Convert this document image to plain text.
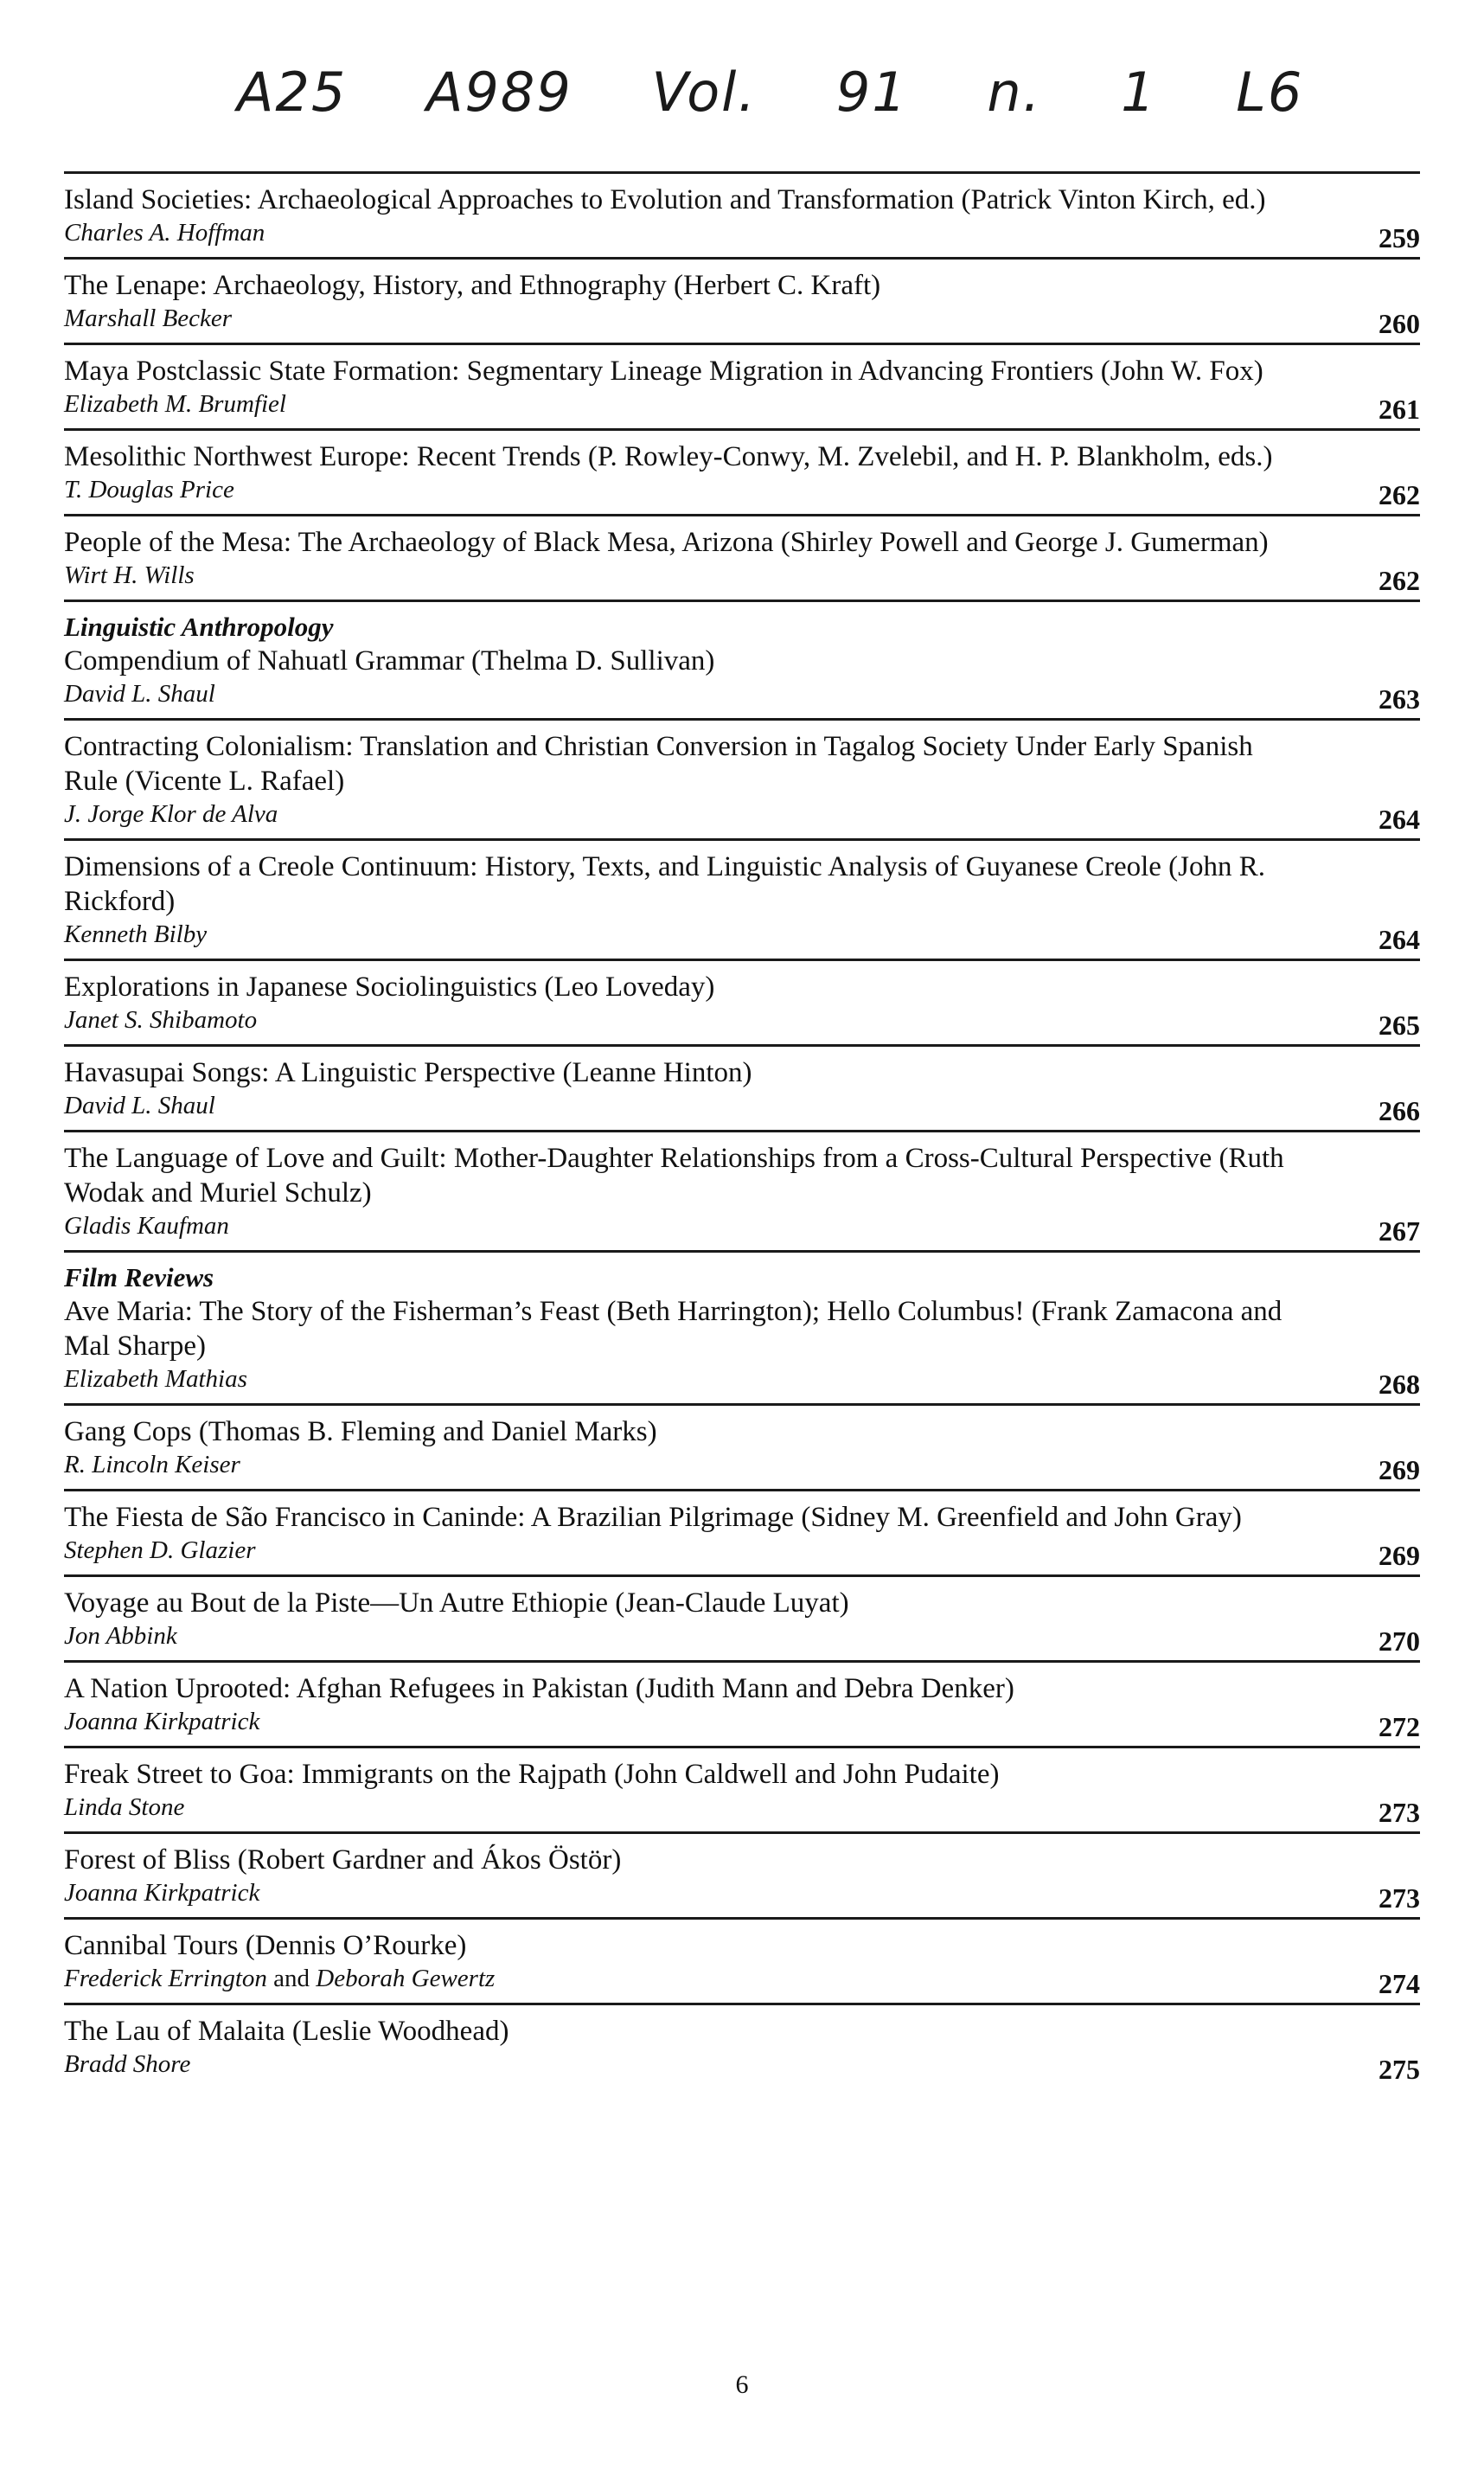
A25 A989 Vol. 91 n. 1 L6
Island Societies: Archaeological Approaches to Evolution and Transformation (Patrick Vinton Kirch, ed.)
Charles A. Hoffman	259
The Lenape: Archaeology, History, and Ethnography (Herbert C. Kraft)
Marshall Becker	260
Maya Postclassic State Formation: Segmentary Lineage Migration in Advancing Frontiers (John W. Fox)
Elizabeth M. Brumfiel	261
Mesolithic Northwest Europe: Recent Trends (P. Rowley-Conwy, M. Zvelebil, and H. P. Blankholm, eds.)
T. Douglas Price	262
People of the Mesa: The Archaeology of Black Mesa, Arizona (Shirley Powell and George J. Gumerman)
Wirt H. Wills	262
Linguistic Anthropology
Compendium of Nahuatl Grammar (Thelma D. Sullivan)
David L. Shaul	263
Contracting Colonialism: Translation and Christian Conversion in Tagalog Society Under Early Spanish Rule (Vicente L. Rafael)
J. Jorge Klor de Alva	264
Dimensions of a Creole Continuum: History, Texts, and Linguistic Analysis of Guyanese Creole (John R. Rickford)
Kenneth Bilby	264
Explorations in Japanese Sociolinguistics (Leo Loveday)
Janet S. Shibamoto	265
Havasupai Songs: A Linguistic Perspective (Leanne Hinton)
David L. Shaul	266
The Language of Love and Guilt: Mother-Daughter Relationships from a Cross-Cultural Perspective (Ruth Wodak and Muriel Schulz)
Gladis Kaufman	267
Film Reviews
Ave Maria: The Story of the Fisherman’s Feast (Beth Harrington); Hello Columbus! (Frank Zamacona and Mal Sharpe)
Elizabeth Mathias	268
Gang Cops (Thomas B. Fleming and Daniel Marks)
R. Lincoln Keiser	269
The Fiesta de São Francisco in Caninde: A Brazilian Pilgrimage (Sidney M. Greenfield and John Gray)
Stephen D. Glazier	269
Voyage au Bout de la Piste—Un Autre Ethiopie (Jean-Claude Luyat)
Jon Abbink	270
A Nation Uprooted: Afghan Refugees in Pakistan (Judith Mann and Debra Denker)
Joanna Kirkpatrick	272
Freak Street to Goa: Immigrants on the Rajpath (John Caldwell and John Pudaite)
Linda Stone	273
Forest of Bliss (Robert Gardner and Ákos Östör)
Joanna Kirkpatrick	273
Cannibal Tours (Dennis O’Rourke)
Frederick Errington and Deborah Gewertz	274
The Lau of Malaita (Leslie Woodhead)
Bradd Shore	275
6
